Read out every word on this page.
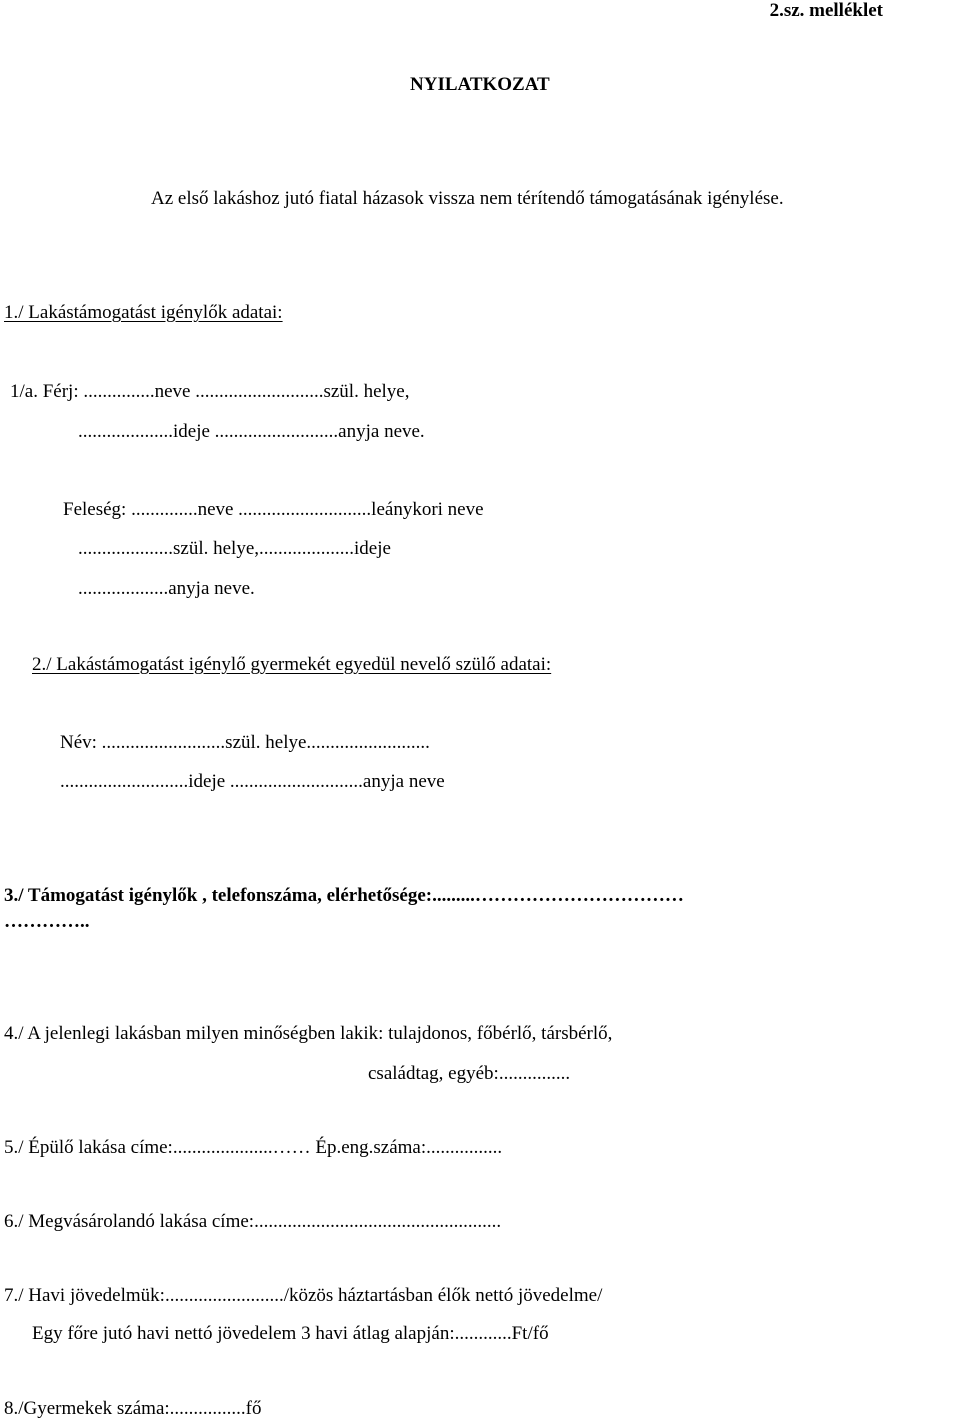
2.sz. melléklet
NYILATKOZAT
Az első lakáshoz jutó fiatal házasok vissza nem térítendő támogatásának igénylése.
1./ Lakástámogatást igénylők adatai:
1/a. Férj: ...............neve ...........................szül. helye,
....................ideje ..........................anyja neve.
Feleség: ..............neve ............................leánykori neve
....................szül. helye,....................ideje
...................anyja neve.
2./ Lakástámogatást igénylő gyermekét egyedül nevelő szülő adatai:
Név: ..........................szül. helye..........................
...........................ideje ............................anyja neve
3./ Támogatást igénylők , telefonszáma, elérhetősége:.........……………………………
…………..
4./ A jelenlegi lakásban milyen minőségben lakik: tulajdonos, főbérlő, társbérlő,
családtag, egyéb:...............
5./ Épülő lakása címe:.....................…… Ép.eng.száma:................
6./ Megvásárolandó lakása címe:....................................................
7./ Havi jövedelmük:........................./közös háztartásban élők nettó jövedelme/
Egy főre jutó havi nettó jövedelem 3 havi átlag alapján:............Ft/fő
8./Gyermekek száma:................fő
